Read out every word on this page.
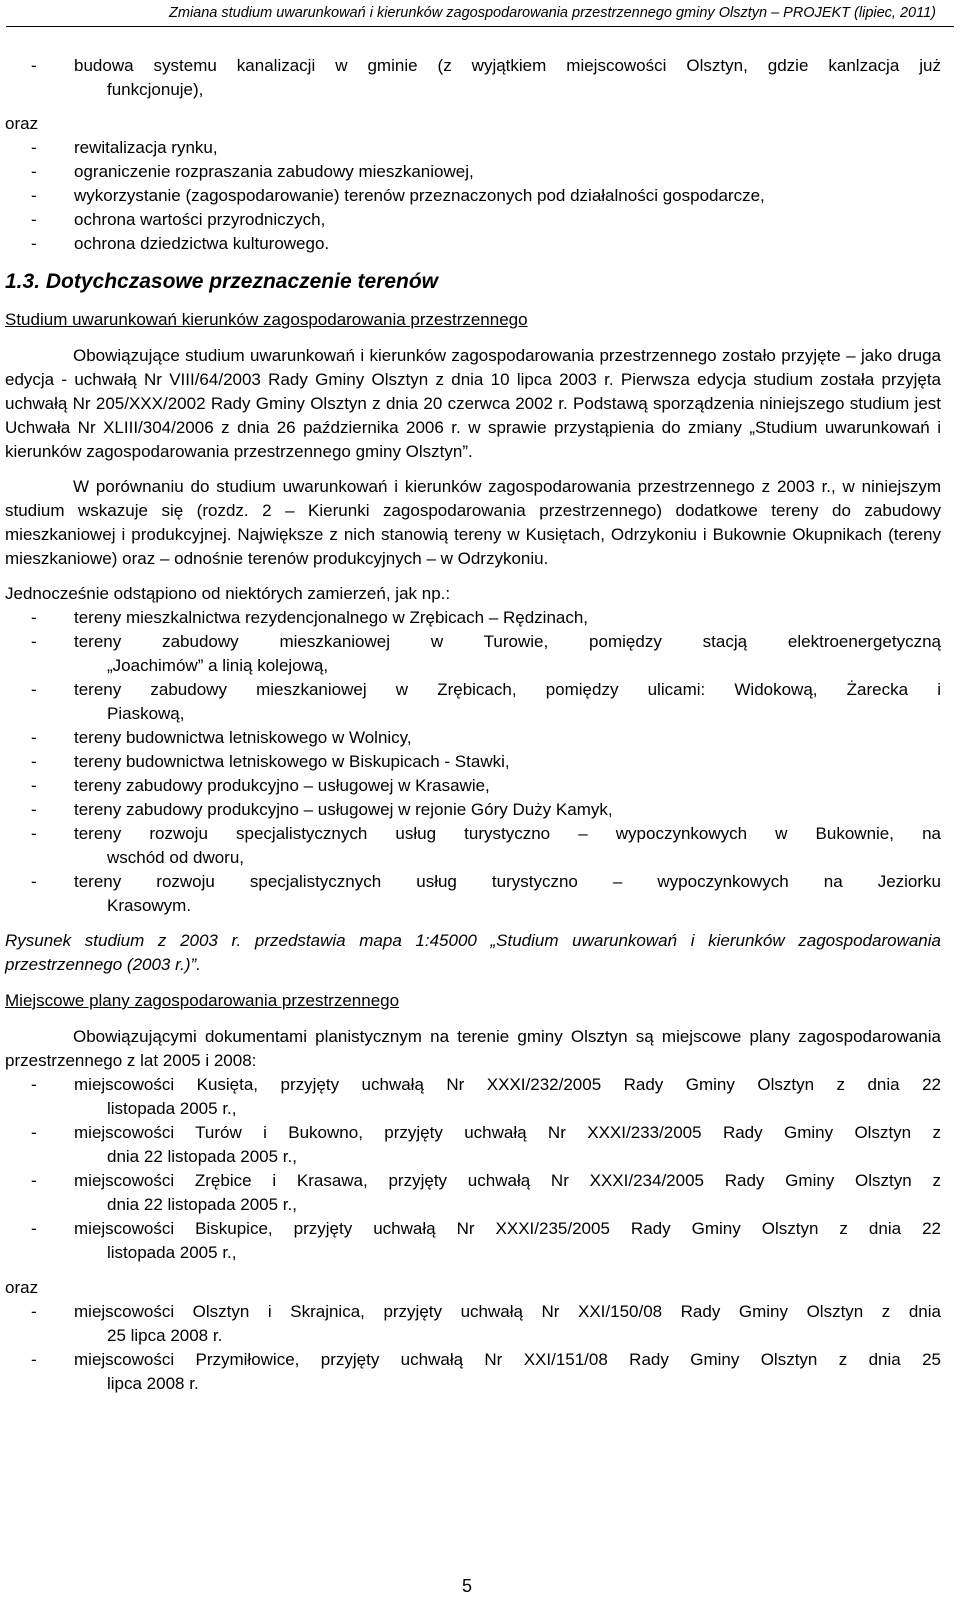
Zmiana studium uwarunkowań i kierunków zagospodarowania przestrzennego gminy Olsztyn – PROJEKT (lipiec, 2011)
- budowa systemu kanalizacji w gminie (z wyjątkiem miejscowości Olsztyn, gdzie kanlzacja już
funkcjonuje),

oraz

- rewitalizacja rynku,
- ograniczenie rozpraszania zabudowy mieszkaniowej,
- wykorzystanie (zagospodarowanie) terenów przeznaczonych pod działalności gospodarcze,
- ochrona wartości przyrodniczych,
- ochrona dziedzictwa kulturowego.
1.3. Dotychczasowe przeznaczenie terenów

Studium uwarunkowań kierunków zagospodarowania przestrzennego

Obowiązujące studium uwarunkowań i kierunków zagospodarowania przestrzennego zostało przyjęte – jako druga edycja - uchwałą Nr VIII/64/2003 Rady Gminy Olsztyn z dnia 10 lipca 2003 r. Pierwsza edycja studium została przyjęta uchwałą Nr 205/XXX/2002 Rady Gminy Olsztyn z dnia 20 czerwca 2002 r. Podstawą sporządzenia niniejszego studium jest Uchwała Nr XLIII/304/2006 z dnia 26 października 2006 r. w sprawie przystąpienia do zmiany „Studium uwarunkowań i kierunków zagospodarowania przestrzennego gminy Olsztyn”.

W porównaniu do studium uwarunkowań i kierunków zagospodarowania przestrzennego z 2003 r., w niniejszym studium wskazuje się (rozdz. 2 – Kierunki zagospodarowania przestrzennego) dodatkowe tereny do zabudowy mieszkaniowej i produkcyjnej. Największe z nich stanowią tereny w Kusiętach, Odrzykoniu i Bukownie Okupnikach (tereny mieszkaniowe) oraz – odnośnie terenów produkcyjnych – w Odrzykoniu.

Jednocześnie odstąpiono od niektórych zamierzeń, jak np.:

- tereny mieszkalnictwa rezydencjonalnego w Zrębicach – Rędzinach,
- tereny zabudowy mieszkaniowej w Turowie, pomiędzy stacją elektroenergetyczną
„Joachimów” a linią kolejową,
- tereny zabudowy mieszkaniowej w Zrębicach, pomiędzy ulicami: Widokową, Żarecka i
Piaskową,
- tereny budownictwa letniskowego w Wolnicy,
- tereny budownictwa letniskowego w Biskupicach - Stawki,
- tereny zabudowy produkcyjno – usługowej w Krasawie,
- tereny zabudowy produkcyjno – usługowej w rejonie Góry Duży Kamyk,
- tereny rozwoju specjalistycznych usług turystyczno – wypoczynkowych w Bukownie, na
wschód od dworu,
- tereny rozwoju specjalistycznych usług turystyczno – wypoczynkowych na Jeziorku
Krasowym.

Rysunek studium z 2003 r. przedstawia mapa 1:45000 „Studium uwarunkowań i kierunków zagospodarowania przestrzennego (2003 r.)”.

Miejscowe plany zagospodarowania przestrzennego

Obowiązującymi dokumentami planistycznym na terenie gminy Olsztyn są miejscowe plany zagospodarowania przestrzennego z lat 2005 i 2008:

- miejscowości Kusięta, przyjęty uchwałą Nr XXXI/232/2005 Rady Gminy Olsztyn z dnia 22
listopada 2005 r.,
- miejscowości Turów i Bukowno, przyjęty uchwałą Nr XXXI/233/2005 Rady Gminy Olsztyn z
dnia 22 listopada 2005 r.,
- miejscowości Zrębice i Krasawa, przyjęty uchwałą Nr XXXI/234/2005 Rady Gminy Olsztyn z
dnia 22 listopada 2005 r.,
- miejscowości Biskupice, przyjęty uchwałą Nr XXXI/235/2005 Rady Gminy Olsztyn z dnia 22
listopada 2005 r.,

oraz

- miejscowości Olsztyn i Skrajnica, przyjęty uchwałą Nr XXI/150/08 Rady Gminy Olsztyn z dnia
25 lipca 2008 r.
- miejscowości Przymiłowice, przyjęty uchwałą Nr XXI/151/08 Rady Gminy Olsztyn z dnia 25
lipca 2008 r.
5
